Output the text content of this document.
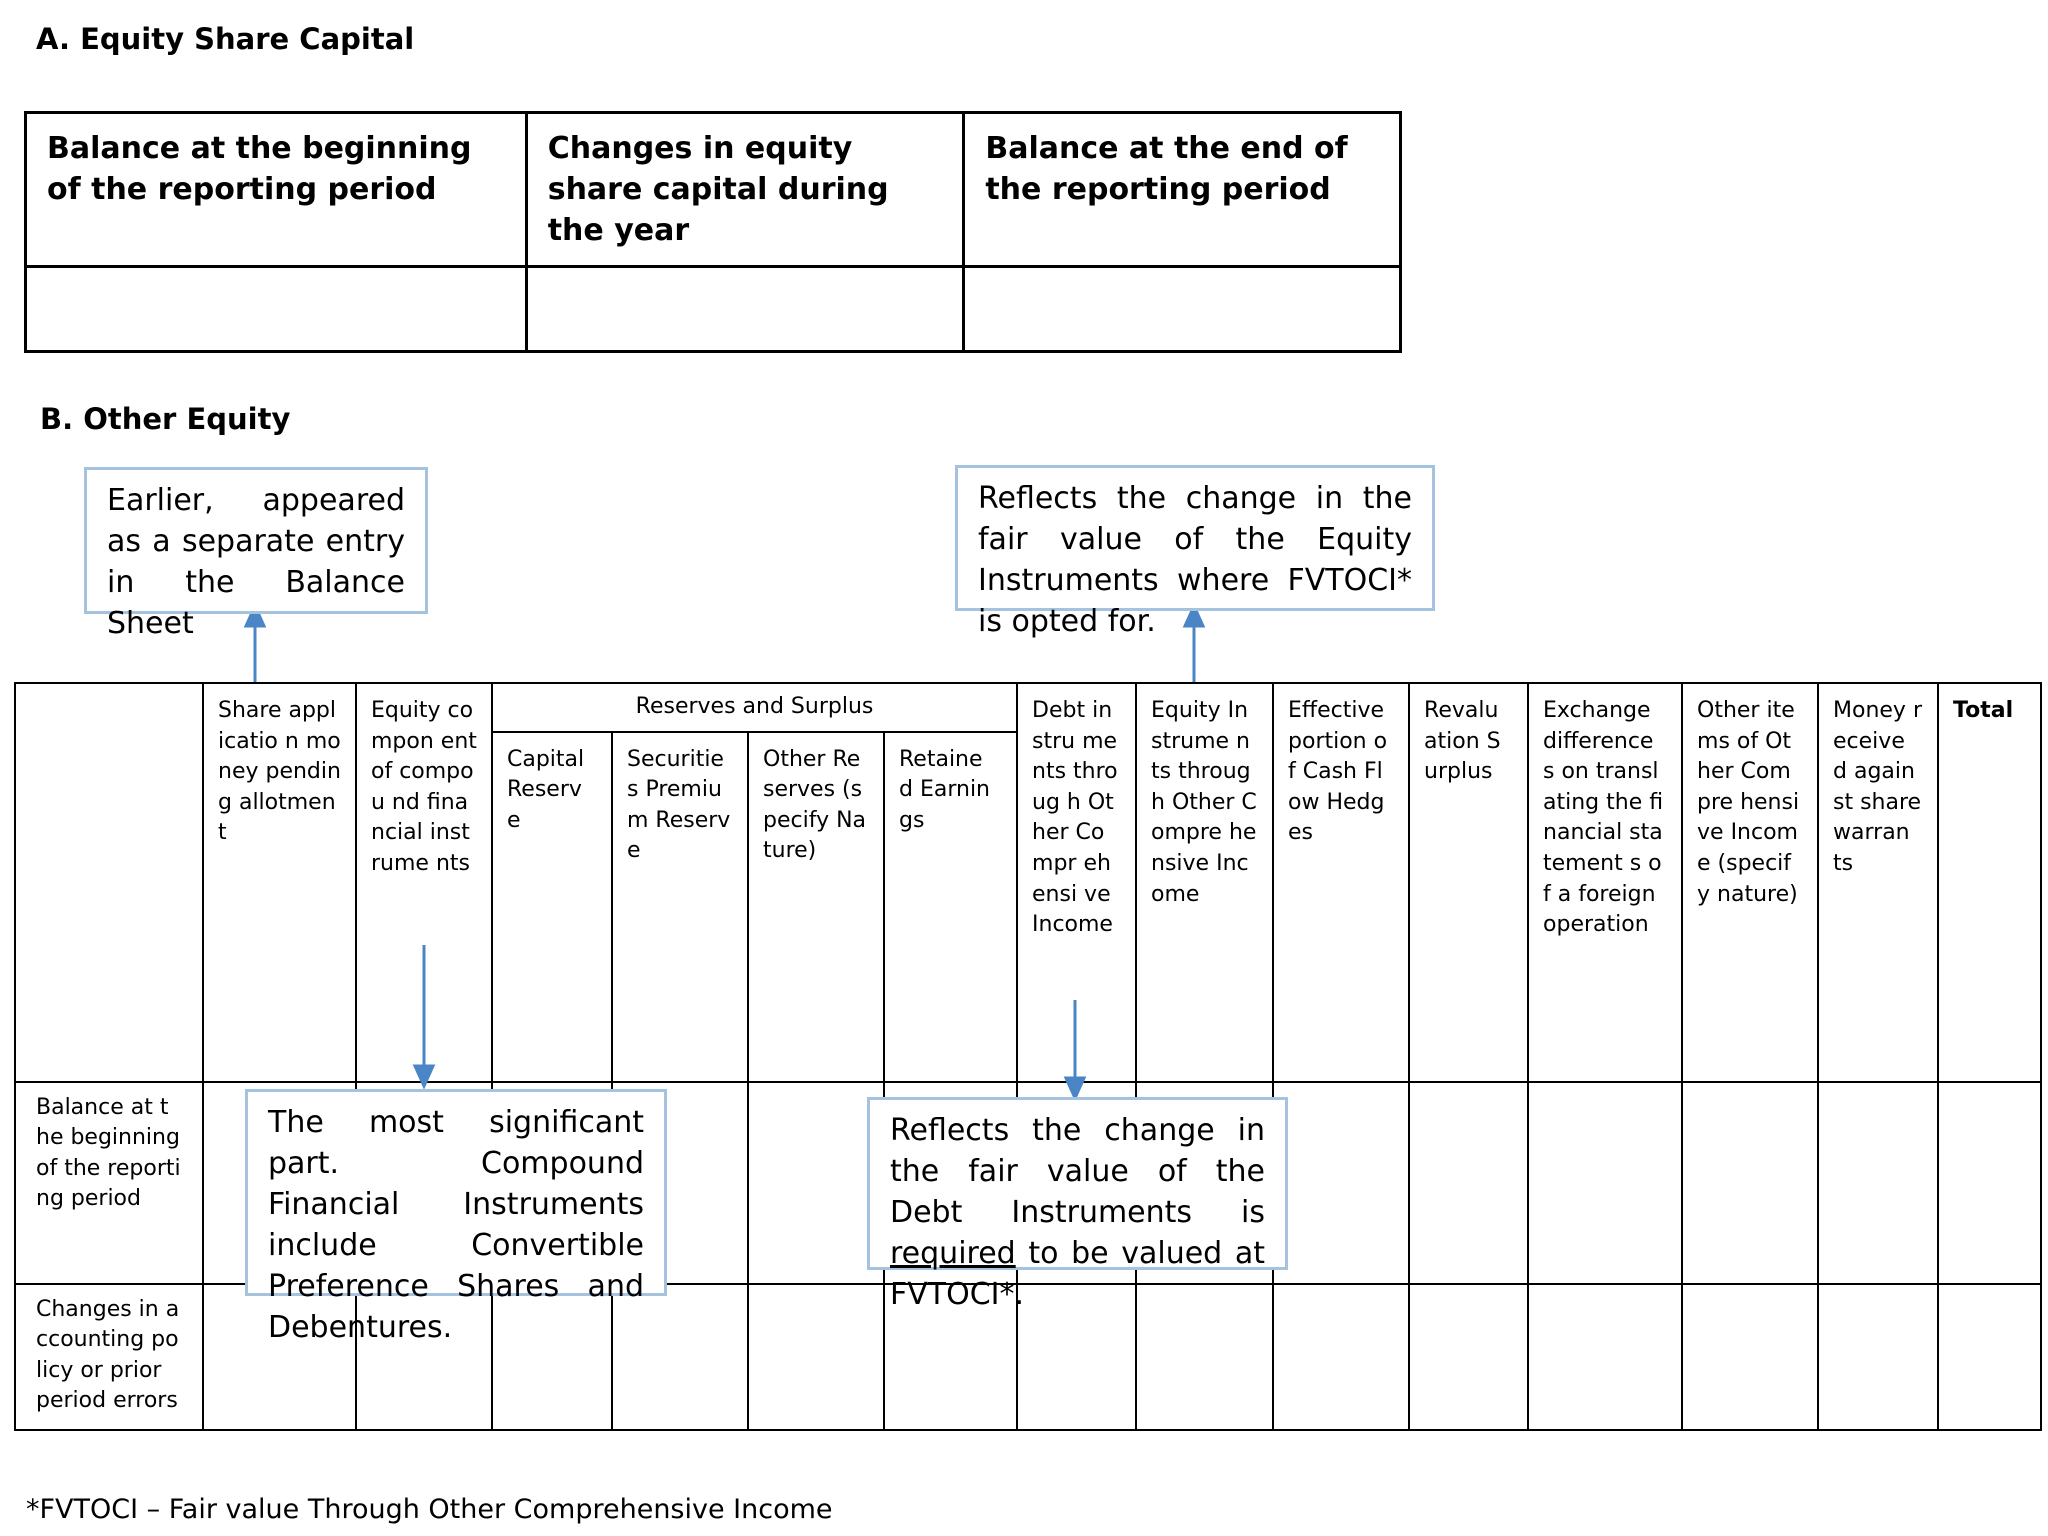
A. Equity Share Capital
Balance at the beginning of the reporting period	Changes in equity share capital during the year	Balance at the end of the reporting period

B. Other Equity
	Share applicatio n money pending allotment	Equity compon ent of compou nd financial instrume nts	Reserves and Surplus				Debt instru ments throug h Other Compr ehensi ve Income	Equity Instrume nts through Other Compre hensive Income	Effective portion of Cash Flow Hedges	Revalu ation Surplus	Exchange difference s on translating the financial statement s of a foreign operation	Other items of Other Compre hensive Income (specify nature)	Money receive d against share warran ts	Total
			Capital Reserv e	Securitie s Premiu m Reserve	Other Reserves (specify Nature)	Retaine d Earnings								
Balance at the beginning of the reporting period														
Changes in accounting policy or prior period errors														
Earlier, appeared as a separate entry in the Balance Sheet
Reflects the change in the fair value of the Equity Instruments where FVTOCI* is opted for.
The most significant part. Compound Financial Instruments include Convertible Preference Shares and Debentures.
Reflects the change in the fair value of the Debt Instruments is required to be valued at FVTOCI*.
*FVTOCI – Fair value Through Other Comprehensive Income
